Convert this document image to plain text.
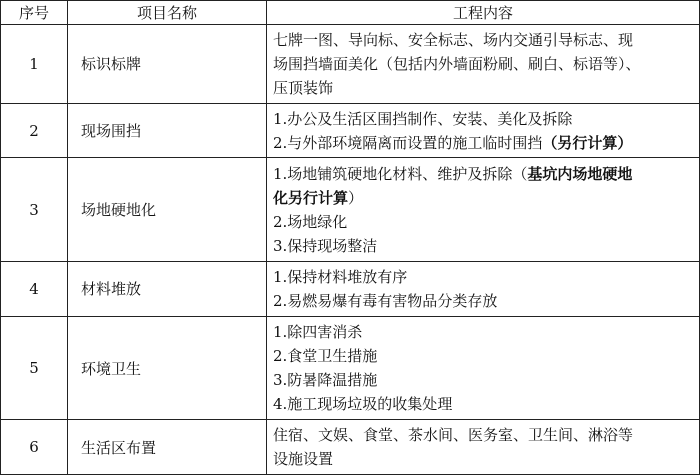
序号	项目名称	工程内容
1	标识标牌	七牌一图、导向标、安全标志、场内交通引导标志、现
场围挡墙面美化（包括内外墙面粉刷、刷白、标语等）、
压顶装饰

2	现场围挡	1.办公及生活区围挡制作、安装、美化及拆除
2.与外部环境隔离而设置的施工临时围挡（另行计算）

3	场地硬地化	1.场地铺筑硬地化材料、维护及拆除（基坑内场地硬地
化另行计算）
2.场地绿化
3.保持现场整洁

4	材料堆放	1.保持材料堆放有序
2.易燃易爆有毒有害物品分类存放

5	环境卫生	1.除四害消杀
2.食堂卫生措施
3.防暑降温措施
4.施工现场垃圾的收集处理

6	生活区布置	住宿、文娱、食堂、茶水间、医务室、卫生间、淋浴等
设施设置
